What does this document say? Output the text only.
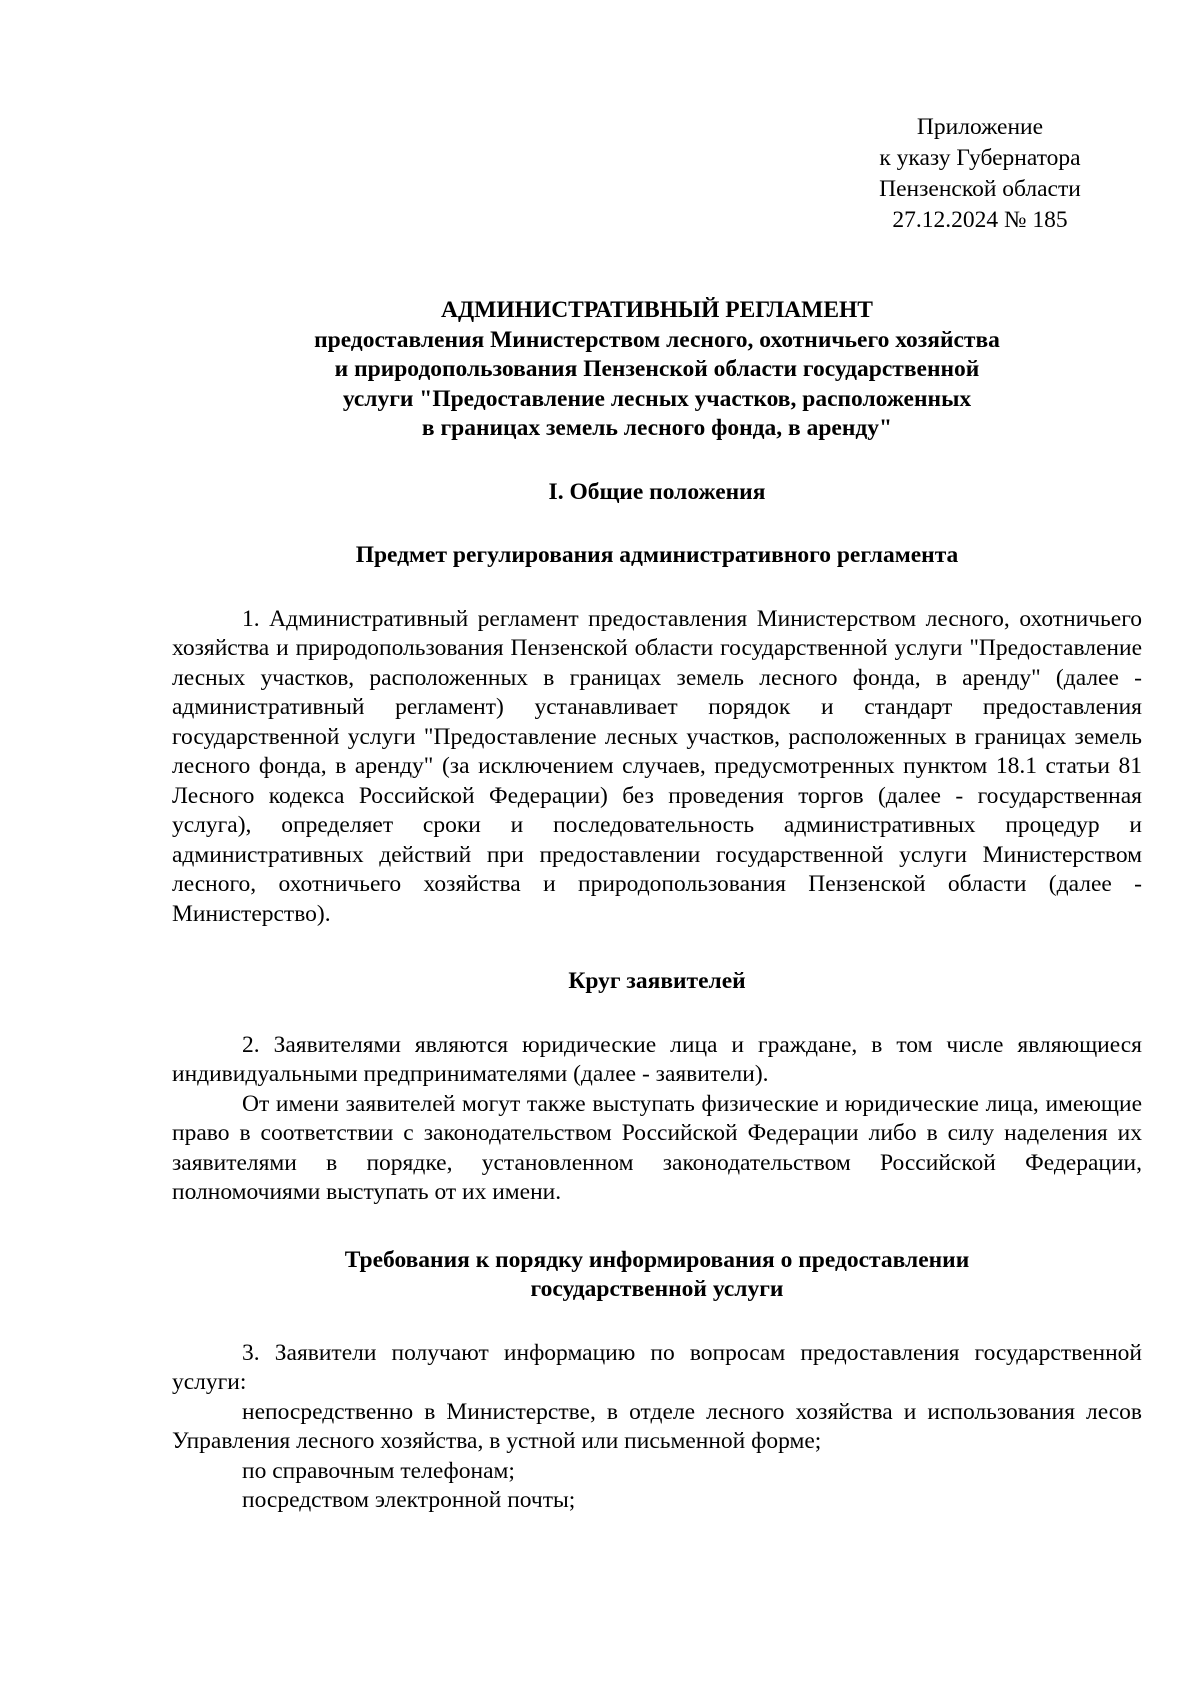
Приложение
к указу Губернатора
Пензенской области
27.12.2024 № 185
АДМИНИСТРАТИВНЫЙ РЕГЛАМЕНТ
предоставления Министерством лесного, охотничьего хозяйства
и природопользования Пензенской области государственной
услуги "Предоставление лесных участков, расположенных
в границах земель лесного фонда, в аренду"
I. Общие положения
Предмет регулирования административного регламента

1. Административный регламент предоставления Министерством лесного, охотничьего хозяйства и природопользования Пензенской области государственной услуги "Предоставление лесных участков, расположенных в границах земель лесного фонда, в аренду" (далее - административный регламент) устанавливает порядок и стандарт предоставления государственной услуги "Предоставление лесных участков, расположенных в границах земель лесного фонда, в аренду" (за исключением случаев, предусмотренных пунктом 18.1 статьи 81 Лесного кодекса Российской Федерации) без проведения торгов (далее - государственная услуга), определяет сроки и последовательность административных процедур и административных действий при предоставлении государственной услуги Министерством лесного, охотничьего хозяйства и природопользования Пензенской области (далее - Министерство).

Круг заявителей

2. Заявителями являются юридические лица и граждане, в том числе являющиеся индивидуальными предпринимателями (далее - заявители).

От имени заявителей могут также выступать физические и юридические лица, имеющие право в соответствии с законодательством Российской Федерации либо в силу наделения их заявителями в порядке, установленном законодательством Российской Федерации, полномочиями выступать от их имени.

Требования к порядку информирования о предоставлении
государственной услуги

3. Заявители получают информацию по вопросам предоставления государственной услуги:

непосредственно в Министерстве, в отделе лесного хозяйства и использования лесов Управления лесного хозяйства, в устной или письменной форме;

по справочным телефонам;

посредством электронной почты;
